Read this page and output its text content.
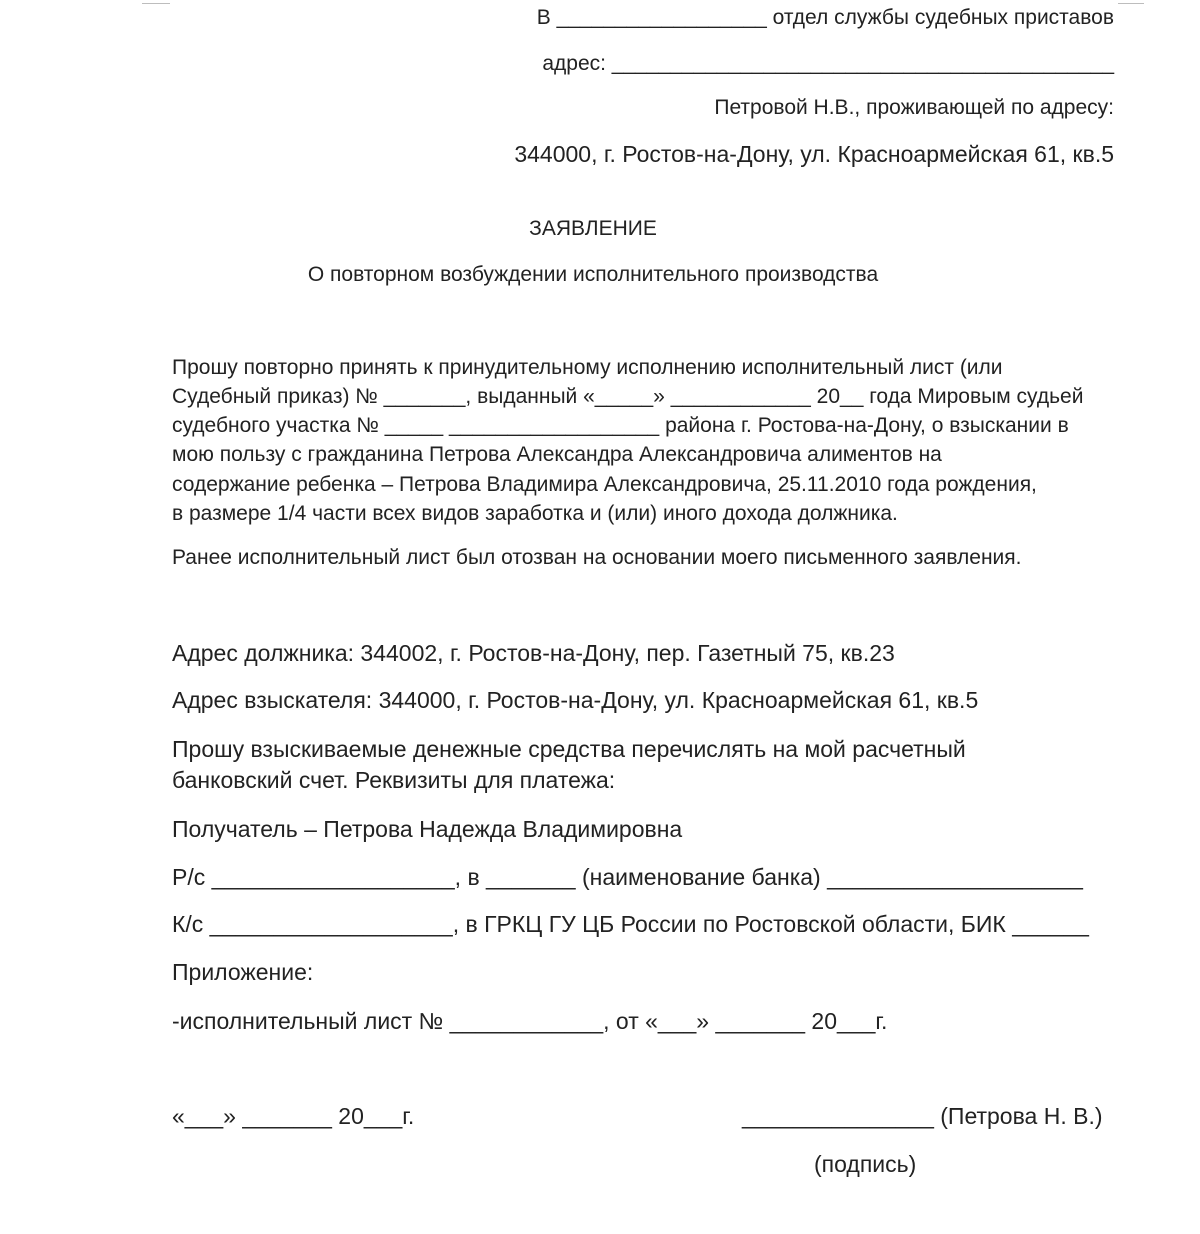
В __________________ отдел службы судебных приставов
адрес: ___________________________________________
Петровой Н.В., проживающей по адресу:
344000, г. Ростов-на-Дону, ул. Красноармейская 61, кв.5
ЗАЯВЛЕНИЕ
О повторном возбуждении исполнительного производства
Прошу повторно принять к принудительному исполнению исполнительный лист (или
Судебный приказ) № _______, выданный «_____» ____________ 20__ года Мировым судьей
судебного участка № _____ __________________ района г. Ростова-на-Дону, о взыскании в
мою пользу с гражданина Петрова Александра Александровича алиментов на
содержание ребенка – Петрова Владимира Александровича, 25.11.2010 года рождения,
в размере 1/4 части всех видов заработка и (или) иного дохода должника.
Ранее исполнительный лист был отозван на основании моего письменного заявления.
Адрес должника: 344002, г. Ростов-на-Дону, пер. Газетный 75, кв.23
Адрес взыскателя: 344000, г. Ростов-на-Дону, ул. Красноармейская 61, кв.5
Прошу взыскиваемые денежные средства перечислять на мой расчетный
банковский счет. Реквизиты для платежа:
Получатель – Петрова Надежда Владимировна
Р/с ___________________, в _______ (наименование банка) ____________________
К/с ___________________, в ГРКЦ ГУ ЦБ России по Ростовской области, БИК ______
Приложение:
-исполнительный лист № ____________, от «___» _______ 20___г.
«___» _______ 20___г.	_______________ (Петрова Н. В.)
(подпись)
